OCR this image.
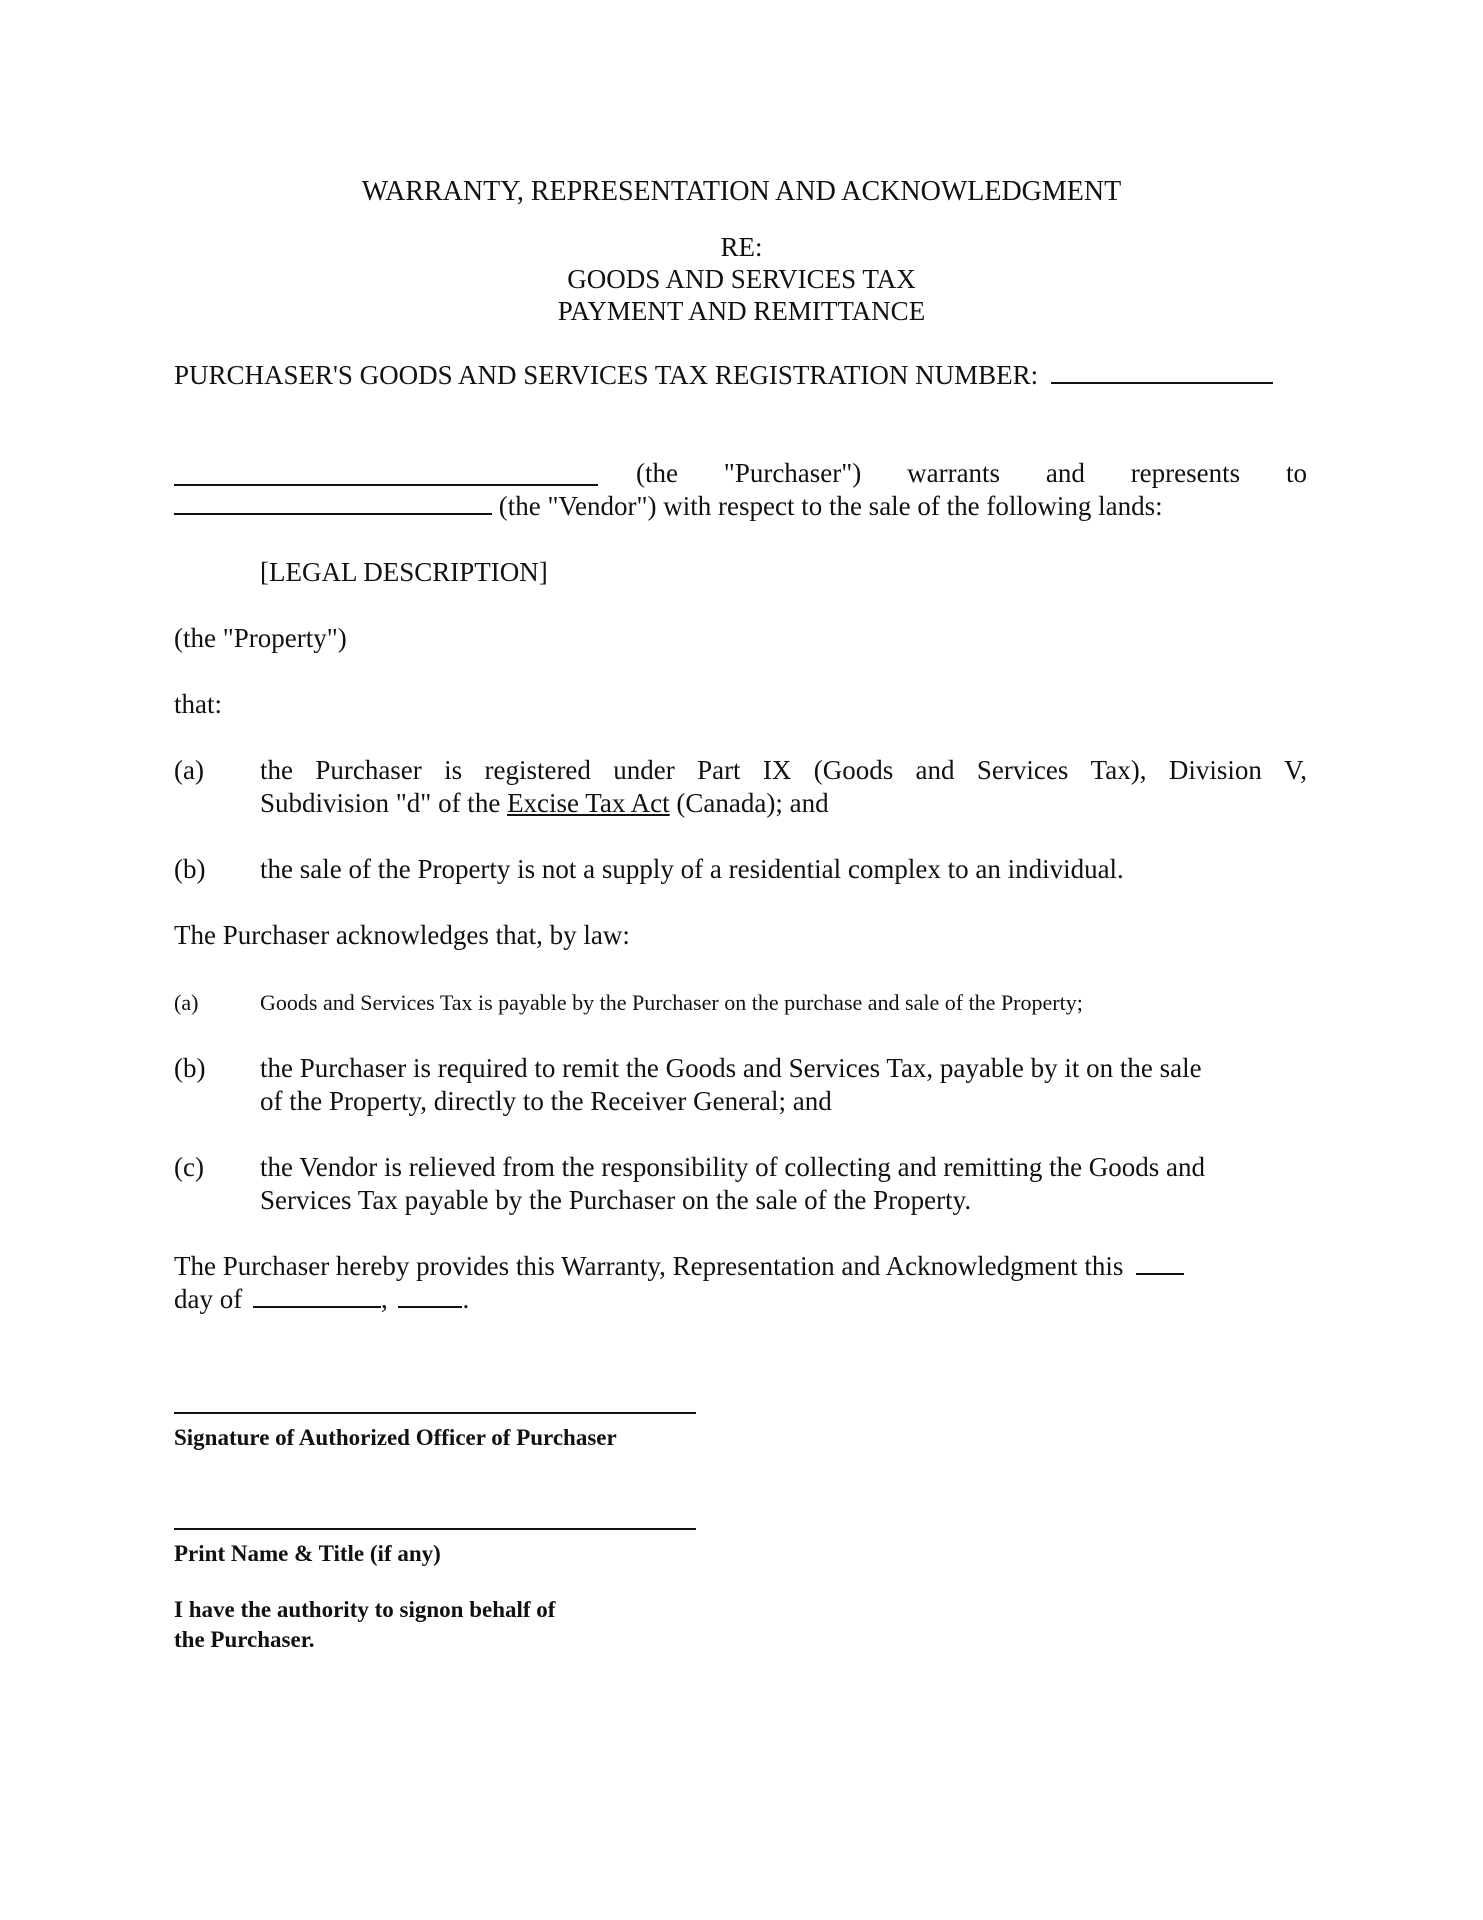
WARRANTY, REPRESENTATION AND ACKNOWLEDGMENT
RE:
GOODS AND SERVICES TAX
PAYMENT AND REMITTANCE
PURCHASER'S GOODS AND SERVICES TAX REGISTRATION NUMBER:
(the "Purchaser") warrants and represents to
(the "Vendor") with respect to the sale of the following lands:
[LEGAL DESCRIPTION]
(the "Property")
that:
(a) the Purchaser is registered under Part IX (Goods and Services Tax), Division V,
Subdivision "d" of the Excise Tax Act (Canada); and
(b) the sale of the Property is not a supply of a residential complex to an individual.
The Purchaser acknowledges that, by law:
(a)	Goods and Services Tax is payable by the Purchaser on the purchase and sale of the Property;
(b) the Purchaser is required to remit the Goods and Services Tax, payable by it on the sale
of the Property, directly to the Receiver General; and
(c) the Vendor is relieved from the responsibility of collecting and remitting the Goods and
Services Tax payable by the Purchaser on the sale of the Property.
The Purchaser hereby provides this Warranty, Representation and Acknowledgment this
day of	,	.
Signature of Authorized Officer of Purchaser
Print Name & Title (if any)
I have the authority to signon behalf of
the Purchaser.
